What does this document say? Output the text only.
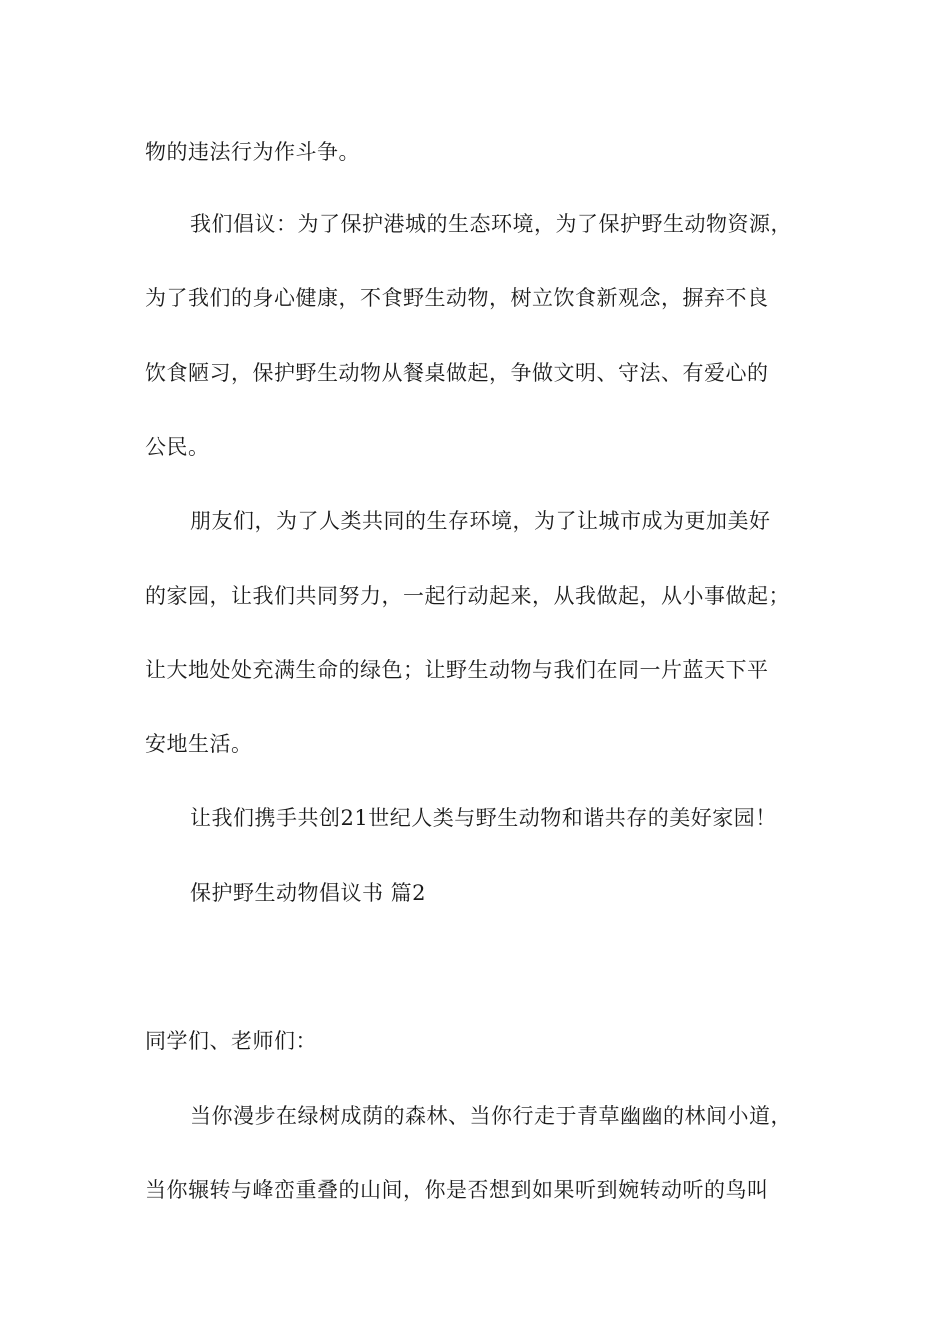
物的违法行为作斗争。
我们倡议：为了保护港城的生态环境，为了保护野生动物资源，
为了我们的身心健康，不食野生动物，树立饮食新观念，摒弃不良
饮食陋习，保护野生动物从餐桌做起，争做文明、守法、有爱心的
公民。
朋友们，为了人类共同的生存环境，为了让城市成为更加美好
的家园，让我们共同努力，一起行动起来，从我做起，从小事做起；
让大地处处充满生命的绿色；让野生动物与我们在同一片蓝天下平
安地生活。
让我们携手共创21世纪人类与野生动物和谐共存的美好家园！
保护野生动物倡议书 篇2
同学们、老师们：
当你漫步在绿树成荫的森林、当你行走于青草幽幽的林间小道，
当你辗转与峰峦重叠的山间，你是否想到如果听到婉转动听的鸟叫
